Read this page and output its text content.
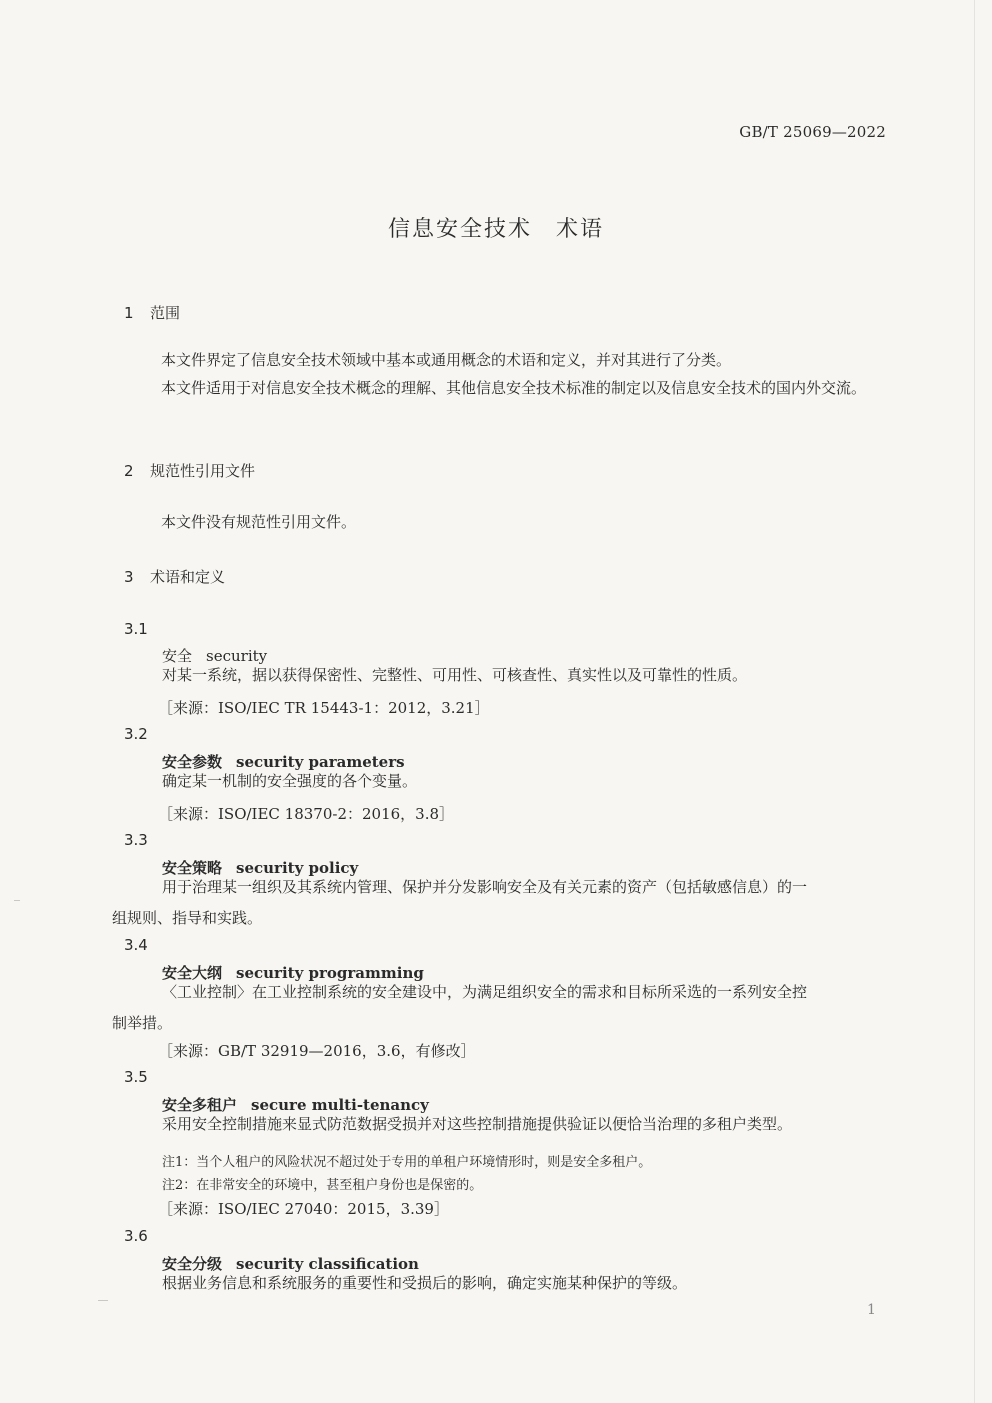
GB/T 25069—2022
信息安全技术　术语
1 范围
本文件界定了信息安全技术领域中基本或通用概念的术语和定义，并对其进行了分类。
本文件适用于对信息安全技术概念的理解、其他信息安全技术标准的制定以及信息安全技术的国内外交流。
2 规范性引用文件
本文件没有规范性引用文件。
3 术语和定义
3.1
安全 security
对某一系统，据以获得保密性、完整性、可用性、可核查性、真实性以及可靠性的性质。
［来源：ISO/IEC TR 15443-1：2012，3.21］
3.2
安全参数 security parameters
确定某一机制的安全强度的各个变量。
［来源：ISO/IEC 18370-2：2016，3.8］
3.3
安全策略 security policy
用于治理某一组织及其系统内管理、保护并分发影响安全及有关元素的资产（包括敏感信息）的一
组规则、指导和实践。
3.4
安全大纲 security programming
〈工业控制〉在工业控制系统的安全建设中，为满足组织安全的需求和目标所采选的一系列安全控
制举措。
［来源：GB/T 32919—2016，3.6，有修改］
3.5
安全多租户 secure multi-tenancy
采用安全控制措施来显式防范数据受损并对这些控制措施提供验证以便恰当治理的多租户类型。
注1：当个人租户的风险状况不超过处于专用的单租户环境情形时，则是安全多租户。
注2：在非常安全的环境中，甚至租户身份也是保密的。
［来源：ISO/IEC 27040：2015，3.39］
3.6
安全分级 security classification
根据业务信息和系统服务的重要性和受损后的影响，确定实施某种保护的等级。
1
